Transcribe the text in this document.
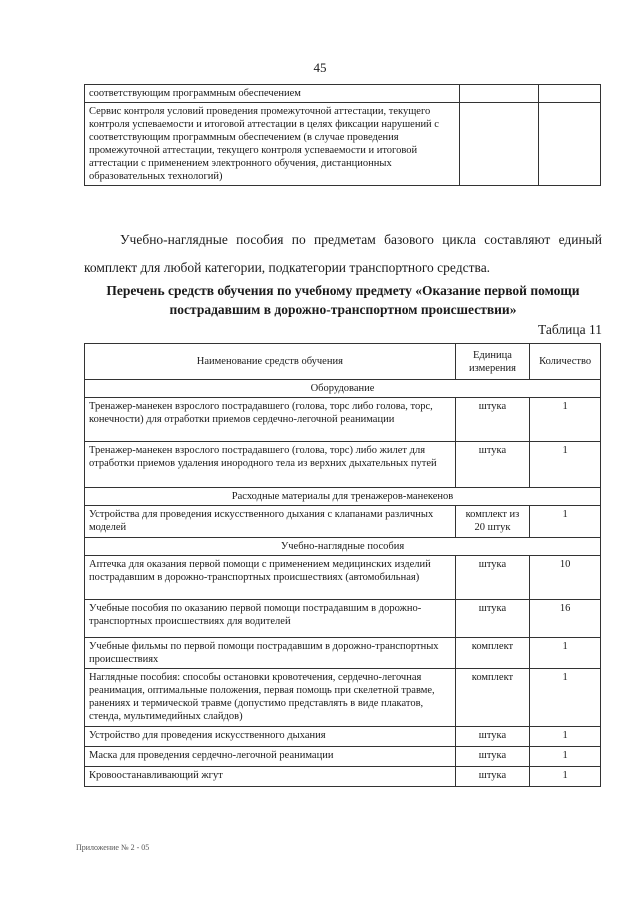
45
соответствующим программным обеспечением		
Сервис контроля условий проведения промежуточной аттестации, текущего контроля успеваемости и итоговой аттестации в целях фиксации нарушений с соответствующим программным обеспечением (в случае проведения промежуточной аттестации, текущего контроля успеваемости и итоговой аттестации с применением электронного обучения, дистанционных образовательных технологий)		

Учебно-наглядные пособия по предметам базового цикла составляют единый комплект для любой категории, подкатегории транспортного средства.

Перечень средств обучения по учебному предмету «Оказание первой помощи пострадавшим в дорожно-транспортном происшествии»
Таблица 11
Наименование средств обучения	Единица измерения	Количество
Оборудование		
Тренажер-манекен взрослого пострадавшего (голова, торс либо голова, торс, конечности) для отработки приемов сердечно-легочной реанимации	штука	1
Тренажер-манекен взрослого пострадавшего (голова, торс) либо жилет для отработки приемов удаления инородного тела из верхних дыхательных путей	штука	1
Расходные материалы для тренажеров-манекенов		
Устройства для проведения искусственного дыхания с клапанами различных моделей	комплект из 20 штук	1
Учебно-наглядные пособия		
Аптечка для оказания первой помощи с применением медицинских изделий пострадавшим в дорожно-транспортных происшествиях (автомобильная)	штука	10
Учебные пособия по оказанию первой помощи пострадавшим в дорожно-транспортных происшествиях для водителей	штука	16
Учебные фильмы по первой помощи пострадавшим в дорожно-транспортных происшествиях	комплект	1
Наглядные пособия: способы остановки кровотечения, сердечно-легочная реанимация, оптимальные положения, первая помощь при скелетной травме, ранениях и термической травме (допустимо представлять в виде плакатов, стенда, мультимедийных слайдов)	комплект	1
Устройство для проведения искусственного дыхания	штука	1
Маска для проведения сердечно-легочной реанимации	штука	1
Кровоостанавливающий жгут	штука	1
Приложение № 2 - 05
